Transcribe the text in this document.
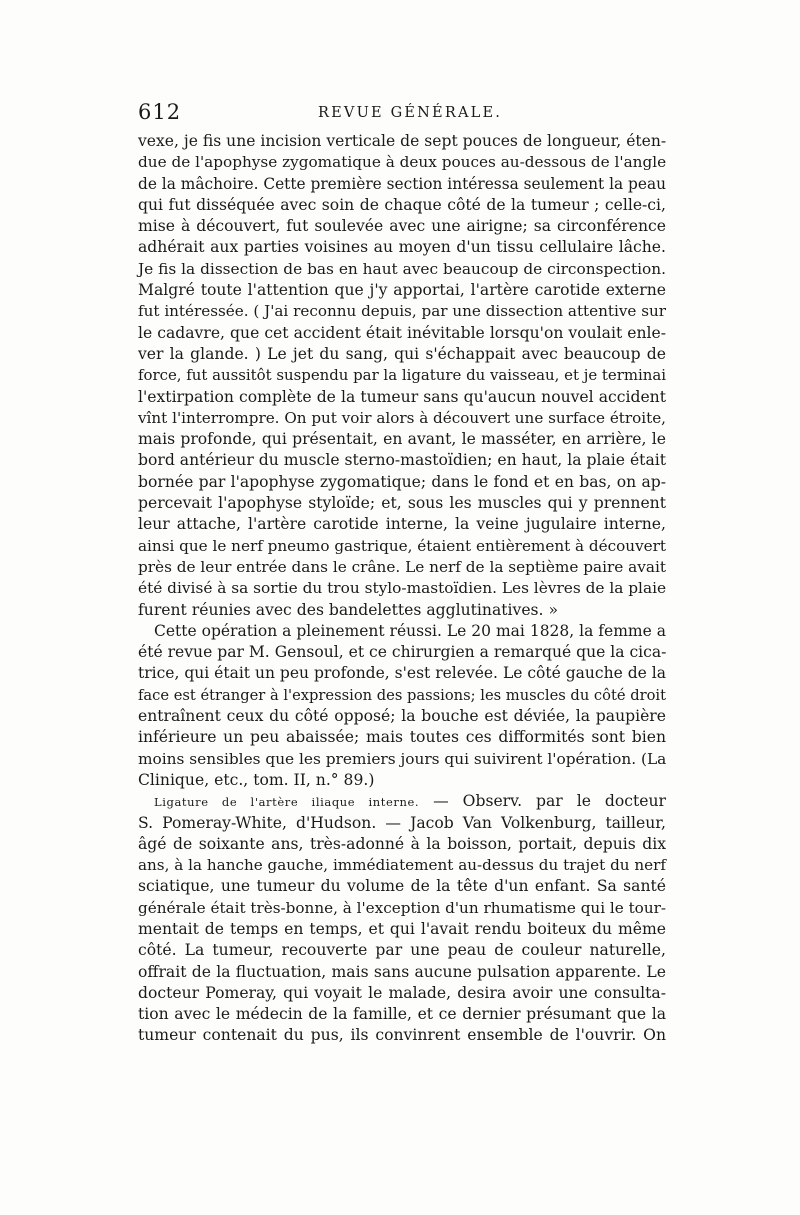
612	REVUE GÉNÉRALE.
vexe, je fis une incision verticale de sept pouces de longueur, éten-
due de l'apophyse zygomatique à deux pouces au-dessous de l'angle
de la mâchoire. Cette première section intéressa seulement la peau
qui fut disséquée avec soin de chaque côté de la tumeur ; celle-ci,
mise à découvert, fut soulevée avec une airigne; sa circonférence
adhérait aux parties voisines au moyen d'un tissu cellulaire lâche.
Je fis la dissection de bas en haut avec beaucoup de circonspection.
Malgré toute l'attention que j'y apportai, l'artère carotide externe
fut intéressée. ( J'ai reconnu depuis, par une dissection attentive sur
le cadavre, que cet accident était inévitable lorsqu'on voulait enle-
ver la glande. ) Le jet du sang, qui s'échappait avec beaucoup de
force, fut aussitôt suspendu par la ligature du vaisseau, et je terminai
l'extirpation complète de la tumeur sans qu'aucun nouvel accident
vînt l'interrompre. On put voir alors à découvert une surface étroite,
mais profonde, qui présentait, en avant, le masséter, en arrière, le
bord antérieur du muscle sterno-mastoïdien; en haut, la plaie était
bornée par l'apophyse zygomatique; dans le fond et en bas, on ap-
percevait l'apophyse styloïde; et, sous les muscles qui y prennent
leur attache, l'artère carotide interne, la veine jugulaire interne,
ainsi que le nerf pneumo gastrique, étaient entièrement à découvert
près de leur entrée dans le crâne. Le nerf de la septième paire avait
été divisé à sa sortie du trou stylo-mastoïdien. Les lèvres de la plaie
furent réunies avec des bandelettes agglutinatives. »
Cette opération a pleinement réussi. Le 20 mai 1828, la femme a
été revue par M. Gensoul, et ce chirurgien a remarqué que la cica-
trice, qui était un peu profonde, s'est relevée. Le côté gauche de la
face est étranger à l'expression des passions; les muscles du côté droit
entraînent ceux du côté opposé; la bouche est déviée, la paupière
inférieure un peu abaissée; mais toutes ces difformités sont bien
moins sensibles que les premiers jours qui suivirent l'opération. (La
Clinique, etc., tom. II, n.° 89.)
Ligature de l'artère iliaque interne. — Observ. par le docteur
S. Pomeray-White, d'Hudson. — Jacob Van Volkenburg, tailleur,
âgé de soixante ans, très-adonné à la boisson, portait, depuis dix
ans, à la hanche gauche, immédiatement au-dessus du trajet du nerf
sciatique, une tumeur du volume de la tête d'un enfant. Sa santé
générale était très-bonne, à l'exception d'un rhumatisme qui le tour-
mentait de temps en temps, et qui l'avait rendu boiteux du même
côté. La tumeur, recouverte par une peau de couleur naturelle,
offrait de la fluctuation, mais sans aucune pulsation apparente. Le
docteur Pomeray, qui voyait le malade, desira avoir une consulta-
tion avec le médecin de la famille, et ce dernier présumant que la
tumeur contenait du pus, ils convinrent ensemble de l'ouvrir. On
